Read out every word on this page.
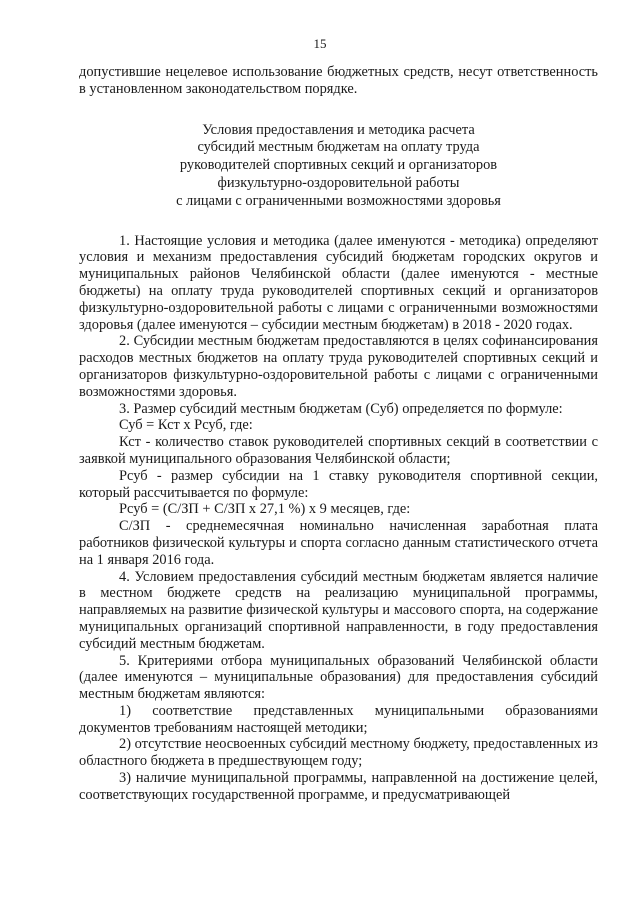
15

допустившие нецелевое использование бюджетных средств, несут ответственность в установленном законодательством порядке.

Условия предоставления и методика расчета

субсидий местным бюджетам на оплату труда

руководителей спортивных секций и организаторов

физкультурно-оздоровительной работы

с лицами с ограниченными возможностями здоровья

1. Настоящие условия и методика (далее именуются - методика) определяют условия и механизм предоставления субсидий бюджетам городских округов и муниципальных районов Челябинской области (далее именуются - местные бюджеты) на оплату труда руководителей спортивных секций и организаторов физкультурно-оздоровительной работы с лицами с ограниченными возможностями здоровья (далее именуются – субсидии местным бюджетам) в 2018 - 2020 годах.

2. Субсидии местным бюджетам предоставляются в целях софинансирования расходов местных бюджетов на оплату труда руководителей спортивных секций и организаторов физкультурно-оздоровительной работы с лицами с ограниченными возможностями здоровья.

3. Размер субсидий местным бюджетам (Суб) определяется по формуле:

Суб = Кст х Рсуб, где:

Кст - количество ставок руководителей спортивных секций в соответствии с заявкой муниципального образования Челябинской области;

Рсуб - размер субсидии на 1 ставку руководителя спортивной секции, который рассчитывается по формуле:

Рсуб = (С/ЗП + С/ЗП х 27,1 %) х 9 месяцев, где:

С/ЗП - среднемесячная номинально начисленная заработная плата работников физической культуры и спорта согласно данным статистического отчета на 1 января 2016 года.

4. Условием предоставления субсидий местным бюджетам является наличие в местном бюджете средств на реализацию муниципальной программы, направляемых на развитие физической культуры и массового спорта, на содержание муниципальных организаций спортивной направленности, в году предоставления субсидий местным бюджетам.

5. Критериями отбора муниципальных образований Челябинской области (далее именуются – муниципальные образования) для предоставления субсидий местным бюджетам являются:

1) соответствие представленных муниципальными образованиями документов требованиям настоящей методики;

2) отсутствие неосвоенных субсидий местному бюджету, предоставленных из областного бюджета в предшествующем году;

3) наличие муниципальной программы, направленной на достижение целей, соответствующих государственной программе, и предусматривающей
